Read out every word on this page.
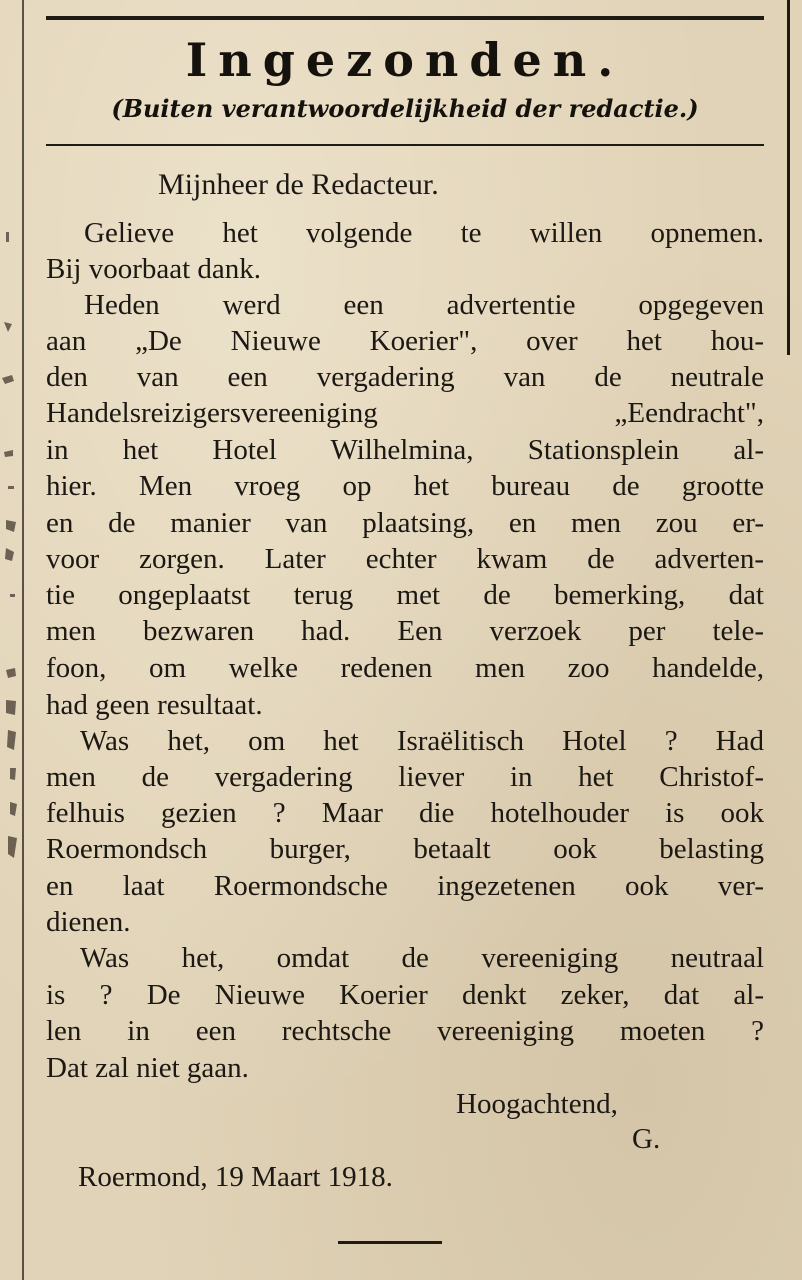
Ingezonden.
(Buiten verantwoordelijkheid der redactie.)
Mijnheer de Redacteur.
Gelieve het volgende te willen opnemen.
Bij voorbaat dank.
Heden werd een advertentie opgegeven
aan „De Nieuwe Koerier", over het hou-
den van een vergadering van de neutrale
Handelsreizigersvereeniging „Eendracht",
in het Hotel Wilhelmina, Stationsplein al-
hier. Men vroeg op het bureau de grootte
en de manier van plaatsing, en men zou er-
voor zorgen. Later echter kwam de adverten-
tie ongeplaatst terug met de bemerking, dat
men bezwaren had. Een verzoek per tele-
foon, om welke redenen men zoo handelde,
had geen resultaat.
Was het, om het Israëlitisch Hotel ? Had
men de vergadering liever in het Christof-
felhuis gezien ? Maar die hotelhouder is ook
Roermondsch burger, betaalt ook belasting
en laat Roermondsche ingezetenen ook ver-
dienen.
Was het, omdat de vereeniging neutraal
is ? De Nieuwe Koerier denkt zeker, dat al-
len in een rechtsche vereeniging moeten ?
Dat zal niet gaan.
Hoogachtend,
G.
Roermond, 19 Maart 1918.
